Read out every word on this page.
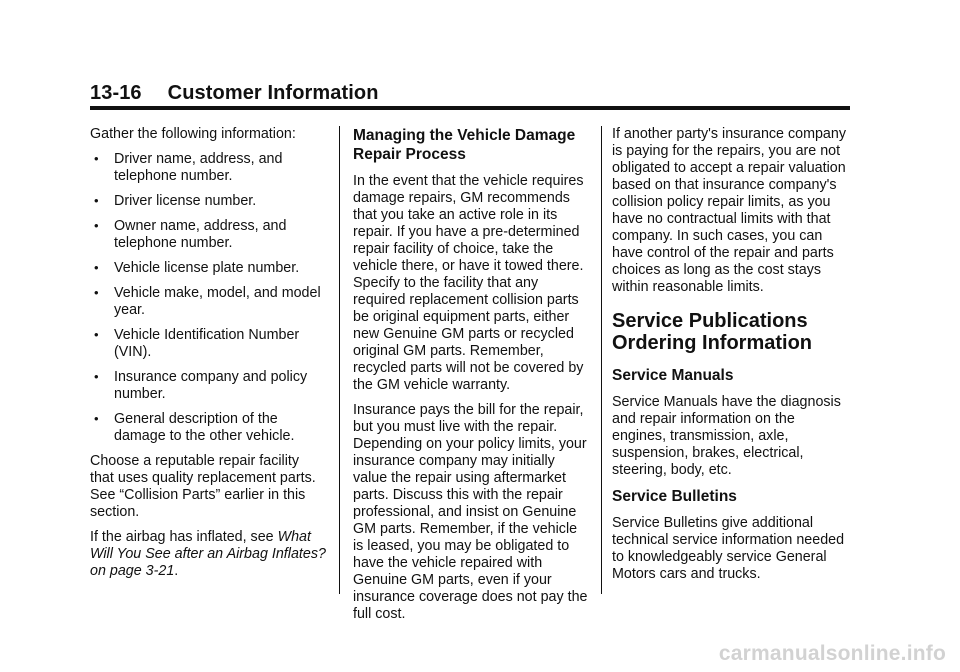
13-16 Customer Information

Gather the following information:

• Driver name, address, and telephone number.
• Driver license number.
• Owner name, address, and telephone number.
• Vehicle license plate number.
• Vehicle make, model, and model year.
• Vehicle Identification Number (VIN).
• Insurance company and policy number.
• General description of the damage to the other vehicle.

Choose a reputable repair facility that uses quality replacement parts. See “Collision Parts” earlier in this section.

If the airbag has inflated, see What Will You See after an Airbag Inflates? on page 3-21.

Managing the Vehicle Damage Repair Process

In the event that the vehicle requires damage repairs, GM recommends that you take an active role in its repair. If you have a pre-determined repair facility of choice, take the vehicle there, or have it towed there. Specify to the facility that any required replacement collision parts be original equipment parts, either new Genuine GM parts or recycled original GM parts. Remember, recycled parts will not be covered by the GM vehicle warranty.

Insurance pays the bill for the repair, but you must live with the repair. Depending on your policy limits, your insurance company may initially value the repair using aftermarket parts. Discuss this with the repair professional, and insist on Genuine GM parts. Remember, if the vehicle is leased, you may be obligated to have the vehicle repaired with Genuine GM parts, even if your insurance coverage does not pay the full cost.

If another party's insurance company is paying for the repairs, you are not obligated to accept a repair valuation based on that insurance company's collision policy repair limits, as you have no contractual limits with that company. In such cases, you can have control of the repair and parts choices as long as the cost stays within reasonable limits.

Service Publications Ordering Information
Service Manuals

Service Manuals have the diagnosis and repair information on the engines, transmission, axle, suspension, brakes, electrical, steering, body, etc.

Service Bulletins

Service Bulletins give additional technical service information needed to knowledgeably service General Motors cars and trucks.

carmanualsonline.info
